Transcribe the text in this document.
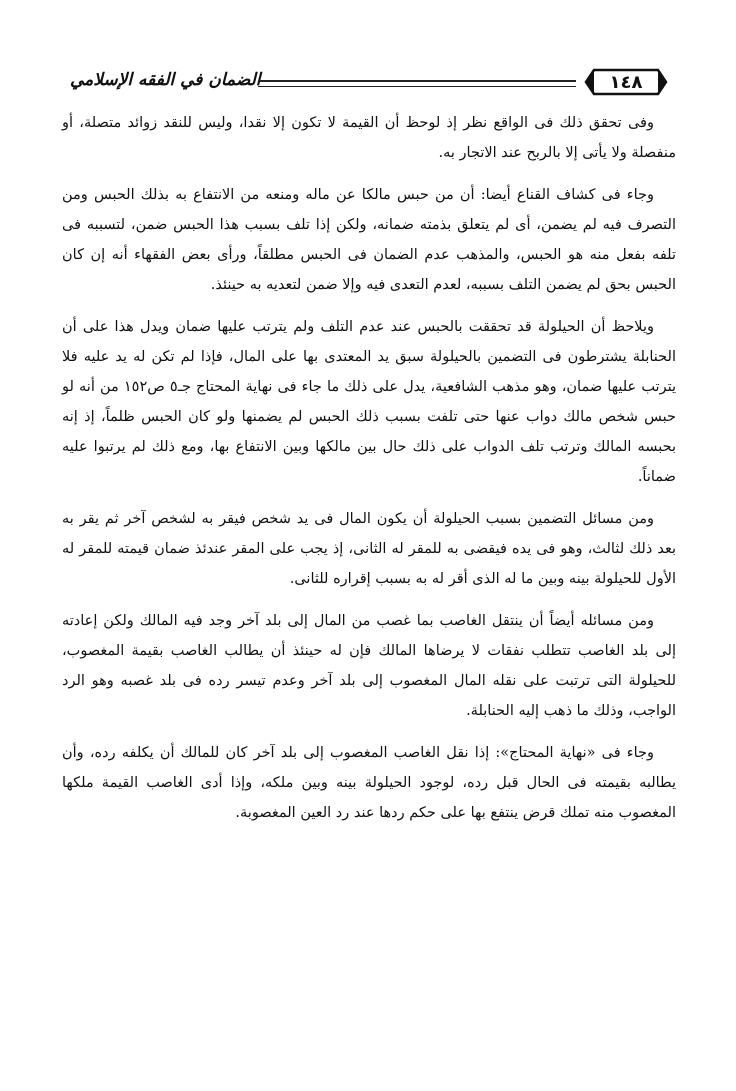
الضمان في الفقه الإسلامي	١٤٨

وفى تحقق ذلك فى الواقع نظر إذ لوحظ أن القيمة لا تكون إلا نقدا، وليس للنقد زوائد متصلة، أو منفصلة ولا يأتى إلا بالربح عند الاتجار به.

وجاء فى كشاف القناع أيضا: أن من حبس مالكا عن ماله ومنعه من الانتفاع به بذلك الحبس ومن التصرف فيه لم يضمن، أى لم يتعلق بذمته ضمانه، ولكن إذا تلف بسبب هذا الحبس ضمن، لتسببه فى تلفه بفعل منه هو الحبس، والمذهب عدم الضمان فى الحبس مطلقاً، ورأى بعض الفقهاء أنه إن كان الحبس بحق لم يضمن التلف بسببه، لعدم التعدى فيه وإلا ضمن لتعديه به حينئذ.

ويلاحظ أن الحيلولة قد تحققت بالحبس عند عدم التلف ولم يترتب عليها ضمان ويدل هذا على أن الحنابلة يشترطون فى التضمين بالحيلولة سبق يد المعتدى بها على المال، فإذا لم تكن له يد عليه فلا يترتب عليها ضمان، وهو مذهب الشافعية، يدل على ذلك ما جاء فى نهاية المحتاج جـ٥ ص١٥٢ من أنه لو حبس شخص مالك دواب عنها حتى تلفت بسبب ذلك الحبس لم يضمنها ولو كان الحبس ظلماً، إذ إنه بحبسه المالك وترتب تلف الدواب على ذلك حال بين مالكها وبين الانتفاع بها، ومع ذلك لم يرتبوا عليه ضماناً.

ومن مسائل التضمين بسبب الحيلولة أن يكون المال فى يد شخص فيقر به لشخص آخر ثم يقر به بعد ذلك لثالث، وهو فى يده فيقضى به للمقر له الثانى، إذ يجب على المقر عندئذ ضمان قيمته للمقر له الأول للحيلولة بينه وبين ما له الذى أقر له به بسبب إقراره للثانى.

ومن مسائله أيضاً أن ينتقل الغاصب بما غصب من المال إلى بلد آخر وجد فيه المالك ولكن إعادته إلى بلد الغاصب تتطلب نفقات لا يرضاها المالك فإن له حينئذ أن يطالب الغاصب بقيمة المغصوب، للحيلولة التى ترتبت على نقله المال المغصوب إلى بلد آخر وعدم تيسر رده فى بلد غصبه وهو الرد الواجب، وذلك ما ذهب إليه الحنابلة.

وجاء فى «نهاية المحتاج»: إذا نقل الغاصب المغصوب إلى بلد آخر كان للمالك أن يكلفه رده، وأن يطالبه بقيمته فى الحال قبل رده، لوجود الحيلولة بينه وبين ملكه، وإذا أدى الغاصب القيمة ملكها المغصوب منه تملك قرض ينتفع بها على حكم ردها عند رد العين المغصوبة.
